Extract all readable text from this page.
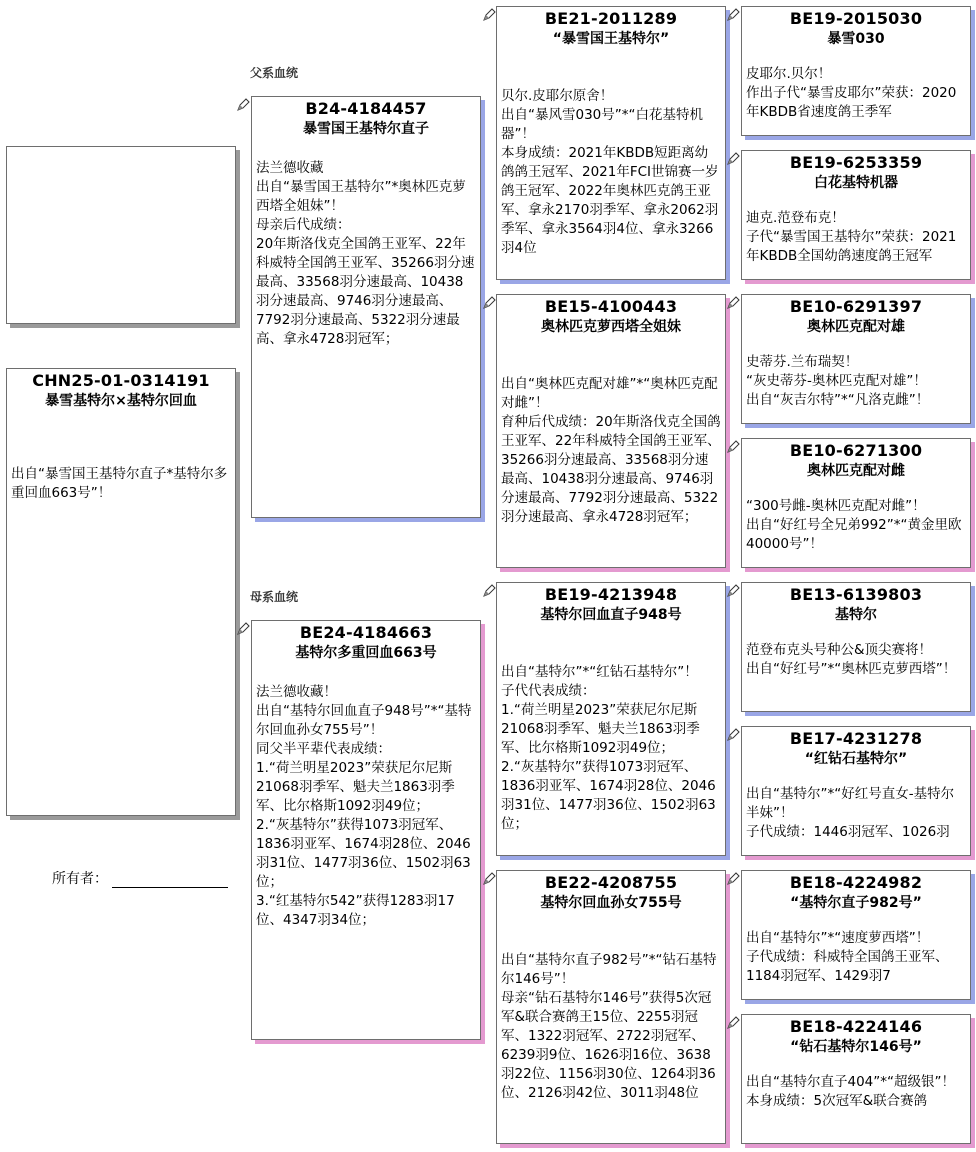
CHN25-01-0314191
暴雪基特尔×基特尔回血
出自“暴雪国王基特尔直子*基特尔多重回血663号”！
所有者：
父系血统
母系血统
B24-4184457
暴雪国王基特尔直子
法兰德收藏
出自“暴雪国王基特尔”*奥林匹克萝西塔全姐妹”！
母亲后代成绩：
20年斯洛伐克全国鸽王亚军、22年科威特全国鸽王亚军、35266羽分速最高、33568羽分速最高、10438羽分速最高、9746羽分速最高、7792羽分速最高、5322羽分速最高、拿永4728羽冠军；
BE24-4184663
基特尔多重回血663号
法兰德收藏！
出自“基特尔回血直子948号”*“基特尔回血孙女755号”！
同父半平辈代表成绩：
1.“荷兰明星2023”荣获尼尔尼斯21068羽季军、魁夫兰1863羽季军、比尔格斯1092羽49位；
2.“灰基特尔”获得1073羽冠军、1836羽亚军、1674羽28位、2046羽31位、1477羽36位、1502羽63位；
3.“红基特尔542”获得1283羽17位、4347羽34位；
BE21-2011289
“暴雪国王基特尔”
贝尔.皮耶尔原舍！
出自“暴风雪030号”*“白花基特机器”！
本身成绩：2021年KBDB短距离幼鸽鸽王冠军、2021年FCI世锦赛一岁鸽王冠军、2022年奥林匹克鸽王亚军、拿永2170羽季军、拿永2062羽季军、拿永3564羽4位、拿永3266羽4位
BE15-4100443
奥林匹克萝西塔全姐妹
出自“奥林匹克配对雄”*“奥林匹克配对雌”！
育种后代成绩：20年斯洛伐克全国鸽王亚军、22年科威特全国鸽王亚军、35266羽分速最高、33568羽分速最高、10438羽分速最高、9746羽分速最高、7792羽分速最高、5322羽分速最高、拿永4728羽冠军；
BE19-4213948
基特尔回血直子948号
出自“基特尔”*“红钻石基特尔”！
子代代表成绩：
1.“荷兰明星2023”荣获尼尔尼斯21068羽季军、魁夫兰1863羽季军、比尔格斯1092羽49位；
2.“灰基特尔”获得1073羽冠军、1836羽亚军、1674羽28位、2046羽31位、1477羽36位、1502羽63位；
BE22-4208755
基特尔回血孙女755号
出自“基特尔直子982号”*“钻石基特尔146号”！
母亲“钻石基特尔146号”获得5次冠军&联合赛鸽王15位、2255羽冠军、1322羽冠军、2722羽冠军、6239羽9位、1626羽16位、3638羽22位、1156羽30位、1264羽36位、2126羽42位、3011羽48位
BE19-2015030
暴雪030
皮耶尔.贝尔！
作出子代“暴雪皮耶尔”荣获：2020年KBDB省速度鸽王季军
BE19-6253359
白花基特机器
迪克.范登布克！
子代“暴雪国王基特尔”荣获：2021年KBDB全国幼鸽速度鸽王冠军
BE10-6291397
奥林匹克配对雄
史蒂芬.兰布瑞契！
“灰史蒂芬-奥林匹克配对雄”！
出自“灰吉尔特”*“凡洛克雌”！
BE10-6271300
奥林匹克配对雌
“300号雌-奥林匹克配对雌”！
出自“好红号全兄弟992”*“黄金里欧40000号”！
BE13-6139803
基特尔
范登布克头号种公&顶尖赛将！
出自“好红号”*“奥林匹克萝西塔”！
BE17-4231278
“红钻石基特尔”
出自“基特尔”*“好红号直女-基特尔半妹”！
子代成绩：1446羽冠军、1026羽
BE18-4224982
“基特尔直子982号”
出自“基特尔”*“速度萝西塔”！
子代成绩：科威特全国鸽王亚军、1184羽冠军、1429羽7
BE18-4224146
“钻石基特尔146号”
出自“基特尔直子404”*“超级银”！
本身成绩：5次冠军&联合赛鸽
